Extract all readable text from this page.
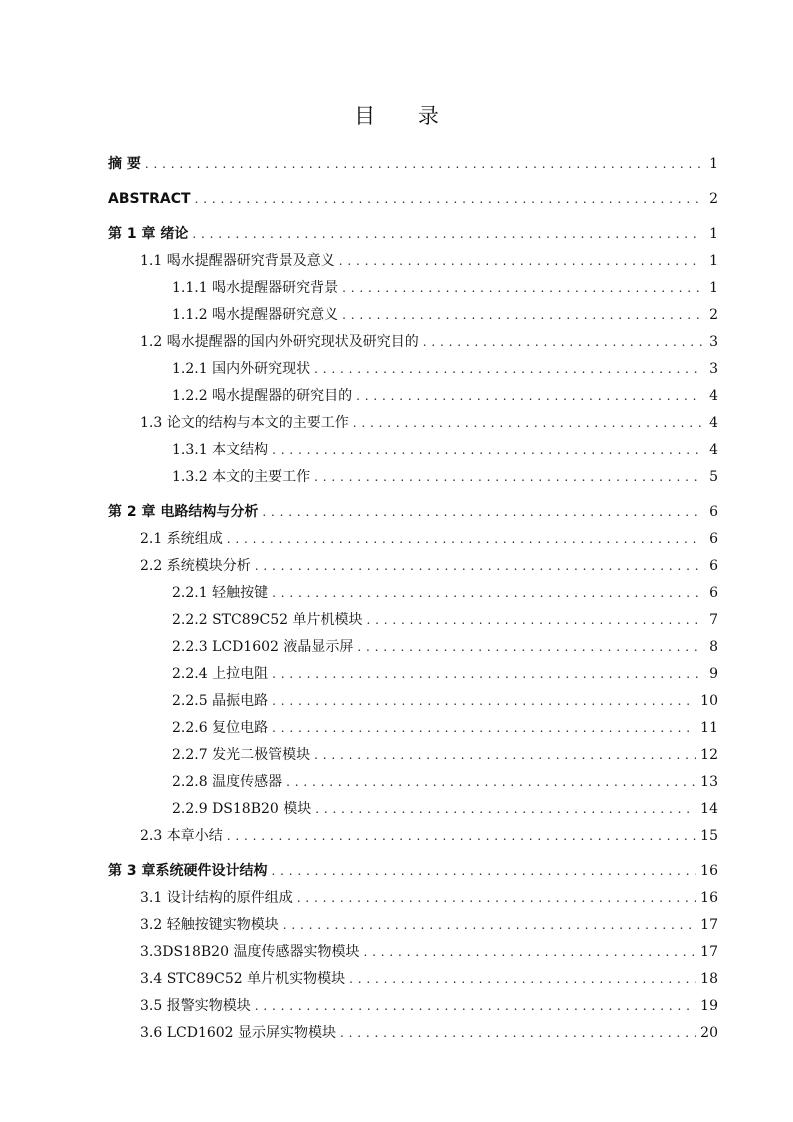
目 录
摘 要 . . .	1
ABSTRACT . . .	2
第 1 章 绪论 . . .	1
1.1 喝水提醒器研究背景及意义 . . .	1
1.1.1 喝水提醒器研究背景 . . .	1
1.1.2 喝水提醒器研究意义 . . .	2
1.2 喝水提醒器的国内外研究现状及研究目的 . . .	3
1.2.1 国内外研究现状 . . .	3
1.2.2 喝水提醒器的研究目的 . . .	4
1.3 论文的结构与本文的主要工作 . . .	4
1.3.1 本文结构 . . .	4
1.3.2 本文的主要工作 . . .	5
第 2 章 电路结构与分析 . . .	6
2.1 系统组成 . . .	6
2.2 系统模块分析 . . .	6
2.2.1 轻触按键 . . .	6
2.2.2 STC89C52 单片机模块 . . .	7
2.2.3 LCD1602 液晶显示屏 . . .	8
2.2.4 上拉电阻 . . .	9
2.2.5 晶振电路 . . .	10
2.2.6 复位电路 . . .	11
2.2.7 发光二极管模块 . . .	12
2.2.8 温度传感器 . . .	13
2.2.9 DS18B20 模块 . . .	14
2.3 本章小结 . . .	15
第 3 章系统硬件设计结构 . . .	16
3.1 设计结构的原件组成 . . .	16
3.2 轻触按键实物模块 . . .	17
3.3DS18B20 温度传感器实物模块 . . .	17
3.4 STC89C52 单片机实物模块 . . .	18
3.5 报警实物模块 . . .	19
3.6 LCD1602 显示屏实物模块 . . .	20
